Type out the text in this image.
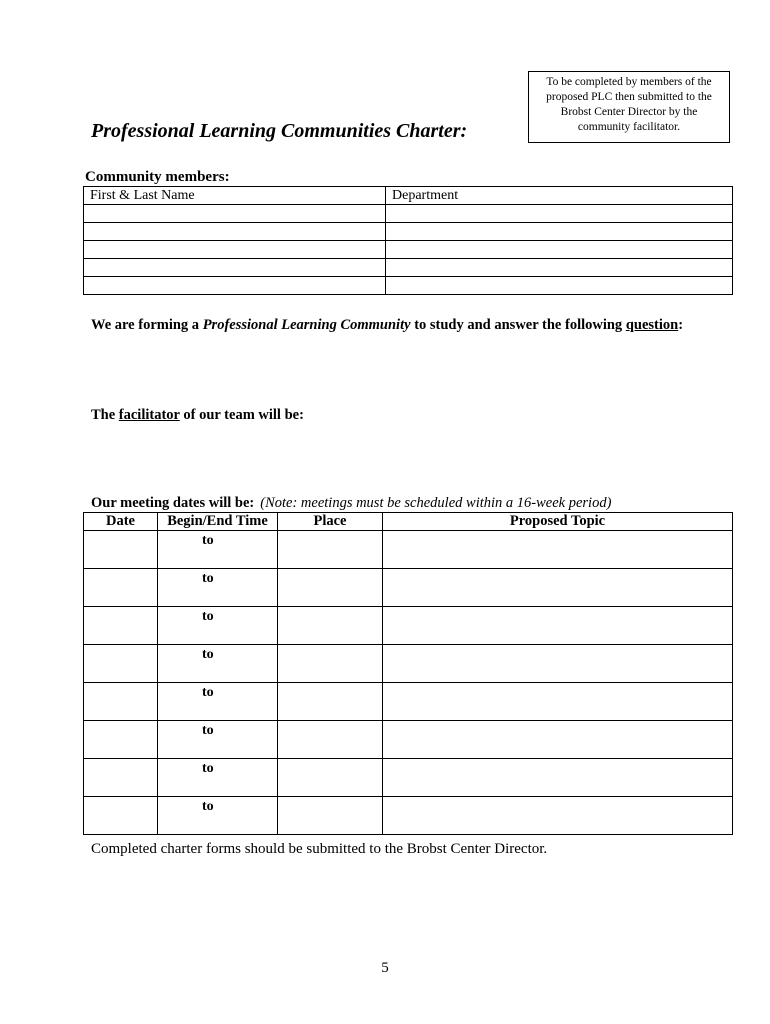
To be completed by members of the proposed PLC then submitted to the Brobst Center Director by the community facilitator.
Professional Learning Communities Charter:
Community members:
First & Last Name	Department

We are forming a Professional Learning Community to study and answer the following question:
The facilitator of our team will be:
Our meeting dates will be: (Note: meetings must be scheduled within a 16-week period)
Date	Begin/End Time	Place	Proposed Topic
	to		
	to		
	to		
	to		
	to		
	to		
	to		
	to		
Completed charter forms should be submitted to the Brobst Center Director.
5
